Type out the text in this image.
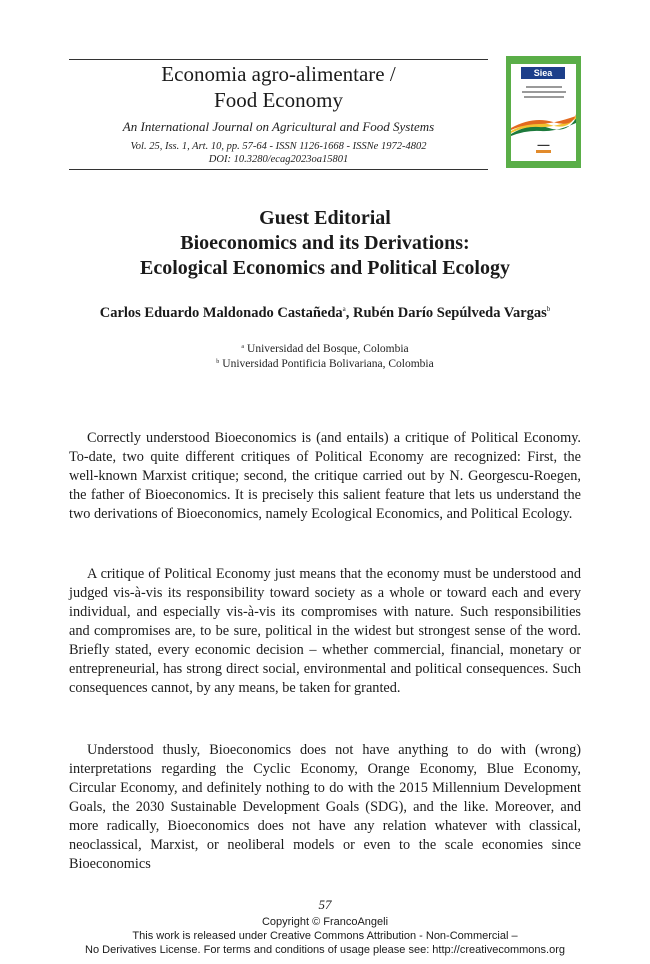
Economia agro-alimentare /
Food Economy
An International Journal on Agricultural and Food Systems
Vol. 25, Iss. 1, Art. 10, pp. 57-64 - ISSN 1126-1668 - ISSNe 1972-4802
DOI: 10.3280/ecag2023oa15801
Siea
▬▬▬
Guest Editorial
Bioeconomics and its Derivations:
Ecological Economics and Political Ecology
Carlos Eduardo Maldonado Castañeda$^a$, Rubén Darío Sepúlveda Vargas$^b$
$^a$ Universidad del Bosque, Colombia
$^b$ Universidad Pontificia Bolivariana, Colombia

Correctly understood Bioeconomics is (and entails) a critique of Political Economy. To-date, two quite different critiques of Political Economy are recognized: First, the well-known Marxist critique; second, the critique carried out by N. Georgescu-Roegen, the father of Bioeconomics. It is precisely this salient feature that lets us understand the two derivations of Bioeconomics, namely Ecological Economics, and Political Ecology.

A critique of Political Economy just means that the economy must be understood and judged vis-à-vis its responsibility toward society as a whole or toward each and every individual, and especially vis-à-vis its compromises with nature. Such responsibilities and compromises are, to be sure, political in the widest but strongest sense of the word. Briefly stated, every economic decision – whether commercial, financial, monetary or entrepreneurial, has strong direct social, environmental and political consequences. Such consequences cannot, by any means, be taken for granted.

Understood thusly, Bioeconomics does not have anything to do with (wrong) interpretations regarding the Cyclic Economy, Orange Economy, Blue Economy, Circular Economy, and definitely nothing to do with the 2015 Millennium Development Goals, the 2030 Sustainable Development Goals (SDG), and the like. Moreover, and more radically, Bioeconomics does not have any relation whatever with classical, neoclassical, Marxist, or neoliberal models or even to the scale economies since Bioeconomics

57
Copyright © FrancoAngeli
This work is released under Creative Commons Attribution - Non-Commercial –
No Derivatives License. For terms and conditions of usage please see: http://creativecommons.org
